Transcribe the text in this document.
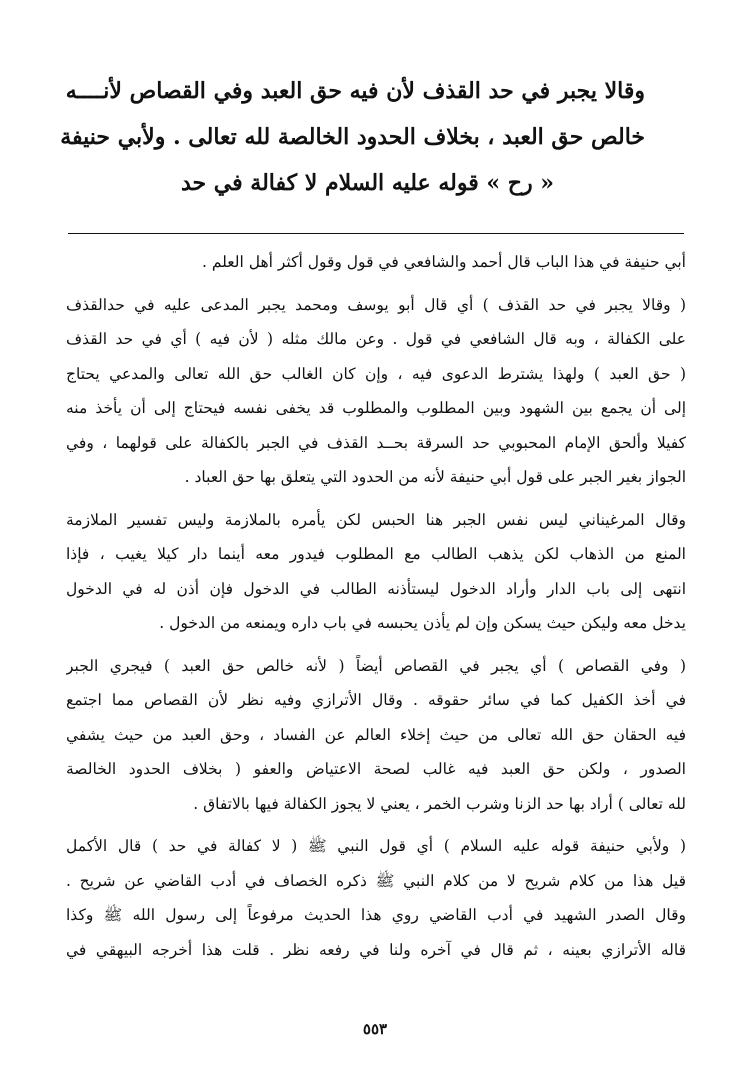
وقالا يجبر في حد القذف لأن فيه حق العبد وفي القصاص لأنــــه
خالص حق العبد ، بخلاف الحدود الخالصة لله تعالى . ولأبي حنيفة
« رح » قوله عليه السلام لا كفالة في حد
أبي حنيفة في هذا الباب قال أحمد والشافعي في قول وقول أكثر أهل العلم .
( وقالا يجبر في حد القذف ) أي قال أبو يوسف ومحمد يجبر المدعى عليه في حدالقذف
على الكفالة ، وبه قال الشافعي في قول . وعن مالك مثله ( لأن فيه ) أي في حد القذف
( حق العبد ) ولهذا يشترط الدعوى فيه ، وإن كان الغالب حق الله تعالى والمدعي يحتاج
إلى أن يجمع بين الشهود وبين المطلوب والمطلوب قد يخفى نفسه فيحتاج إلى أن يأخذ منه
كفيلا وألحق الإمام المحبوبي حد السرقة بحــد القذف في الجبر بالكفالة على قولهما ، وفي
الجواز بغير الجبر على قول أبي حنيفة لأنه من الحدود التي يتعلق بها حق العباد .
وقال المرغيناني ليس نفس الجبر هنا الحبس لكن يأمره بالملازمة وليس تفسير الملازمة
المنع من الذهاب لكن يذهب الطالب مع المطلوب فيدور معه أينما دار كيلا يغيب ، فإذا
انتهى إلى باب الدار وأراد الدخول ليستأذنه الطالب في الدخول فإن أذن له في الدخول
يدخل معه وليكن حيث يسكن وإن لم يأذن يحبسه في باب داره ويمنعه من الدخول .
( وفي القصاص ) أي يجبر في القصاص أيضاً ( لأنه خالص حق العبد ) فيجري الجبر
في أخذ الكفيل كما في سائر حقوقه . وقال الأترازي وفيه نظر لأن القصاص مما اجتمع
فيه الحقان حق الله تعالى من حيث إخلاء العالم عن الفساد ، وحق العبد من حيث يشفي
الصدور ، ولكن حق العبد فيه غالب لصحة الاعتياض والعفو ( بخلاف الحدود الخالصة
لله تعالى ) أراد بها حد الزنا وشرب الخمر ، يعني لا يجوز الكفالة فيها بالاتفاق .
( ولأبي حنيفة قوله عليه السلام ) أي قول النبي ﷺ ( لا كفالة في حد ) قال الأكمل
قيل هذا من كلام شريح لا من كلام النبي ﷺ ذكره الخصاف في أدب القاضي عن شريح .
وقال الصدر الشهيد في أدب القاضي روي هذا الحديث مرفوعاً إلى رسول الله ﷺ وكذا
قاله الأترازي بعينه ، ثم قال في آخره ولنا في رفعه نظر . قلت هذا أخرجه البيهقي في
٥٥٣
